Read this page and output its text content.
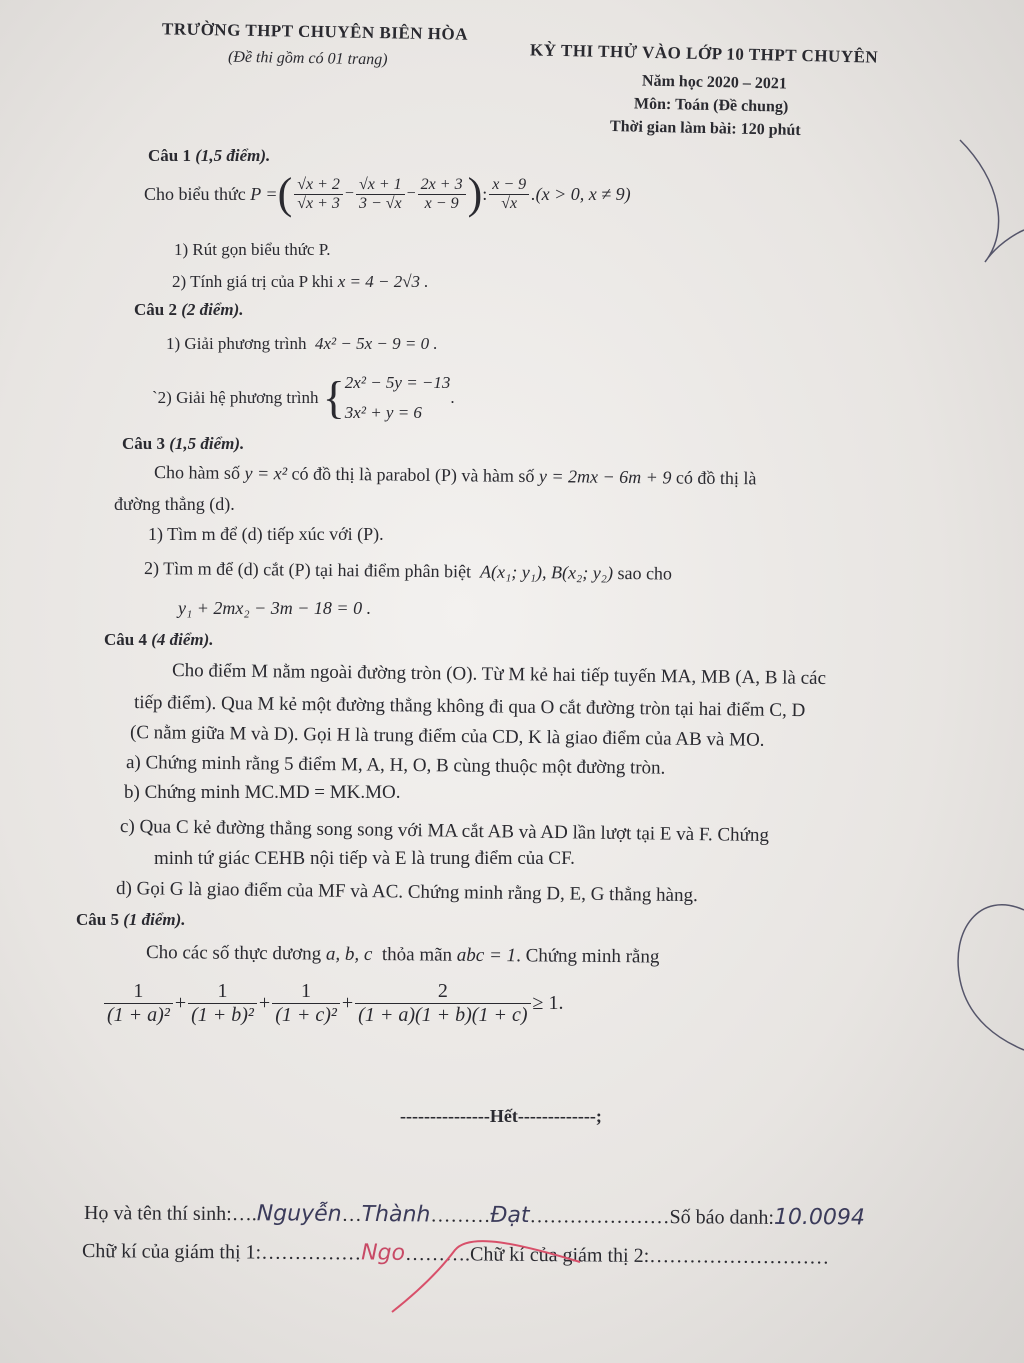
TRƯỜNG THPT CHUYÊN BIÊN HÒA
(Đề thi gồm có 01 trang)	KỲ THI THỬ VÀO LỚP 10 THPT CHUYÊN
Năm học 2020 – 2021
Môn: Toán (Đề chung)
Thời gian làm bài: 120 phút
Câu 1 (1,5 điểm).
Cho biểu thức
P = ( $\frac{√x + 2}{√x + 3} - \frac{√x + 1}{3 - √x} - \frac{2x + 3}{x - 9}$ ) : $\frac{x - 9}{√x} .(x > 0$, x ≠ 9)
1) Rút gọn biểu thức P.
2) Tính giá trị của P khi x = 4 − 2√3 .
Câu 2 (2 điểm).
1) Giải phương trình 4x² − 5x − 9 = 0 .
ˋ2) Giải hệ phương trình
{ 2x² − 5y = −13
3x² + y = 6
.
Câu 3 (1,5 điểm).
Cho hàm số y = x² có đồ thị là parabol (P) và hàm số y = 2mx − 6m + 9 có đồ thị là
đường thẳng (d).
1) Tìm m để (d) tiếp xúc với (P).
2) Tìm m để (d) cắt (P) tại hai điểm phân biệt A(x₁; y₁), B(x₂; y₂) sao cho
y₁ + 2mx₂ − 3m − 18 = 0 .
Câu 4 (4 điểm).
Cho điểm M nằm ngoài đường tròn (O). Từ M kẻ hai tiếp tuyến MA, MB (A, B là các
tiếp điểm). Qua M kẻ một đường thẳng không đi qua O cắt đường tròn tại hai điểm C, D
(C nằm giữa M và D). Gọi H là trung điểm của CD, K là giao điểm của AB và MO.
a) Chứng minh rằng 5 điểm M, A, H, O, B cùng thuộc một đường tròn.
b) Chứng minh MC.MD = MK.MO.
c) Qua C kẻ đường thẳng song song với MA cắt AB và AD lần lượt tại E và F. Chứng
minh tứ giác CEHB nội tiếp và E là trung điểm của CF.
d) Gọi G là giao điểm của MF và AC. Chứng minh rằng D, E, G thẳng hàng.
Câu 5 (1 điểm).
Cho các số thực dương a, b, c thỏa mãn abc = 1. Chứng minh rằng
$\frac{1}{\text{(1 + a)²}} + \frac{1}{\text{(1 + b)²}} + \frac{1}{\text{(1 + c)²}} + \frac{2}{(1 + a)(1 + b)(1 + c)} \ge 1$.
---------------Hết-------------;
Họ và tên thí sinh:….Nguyễn…Thành………Đạt…………………Số báo danh:10.0094
Chữ kí của giám thị 1:……………Ngo……….Chữ kí của giám thị 2:………………………
